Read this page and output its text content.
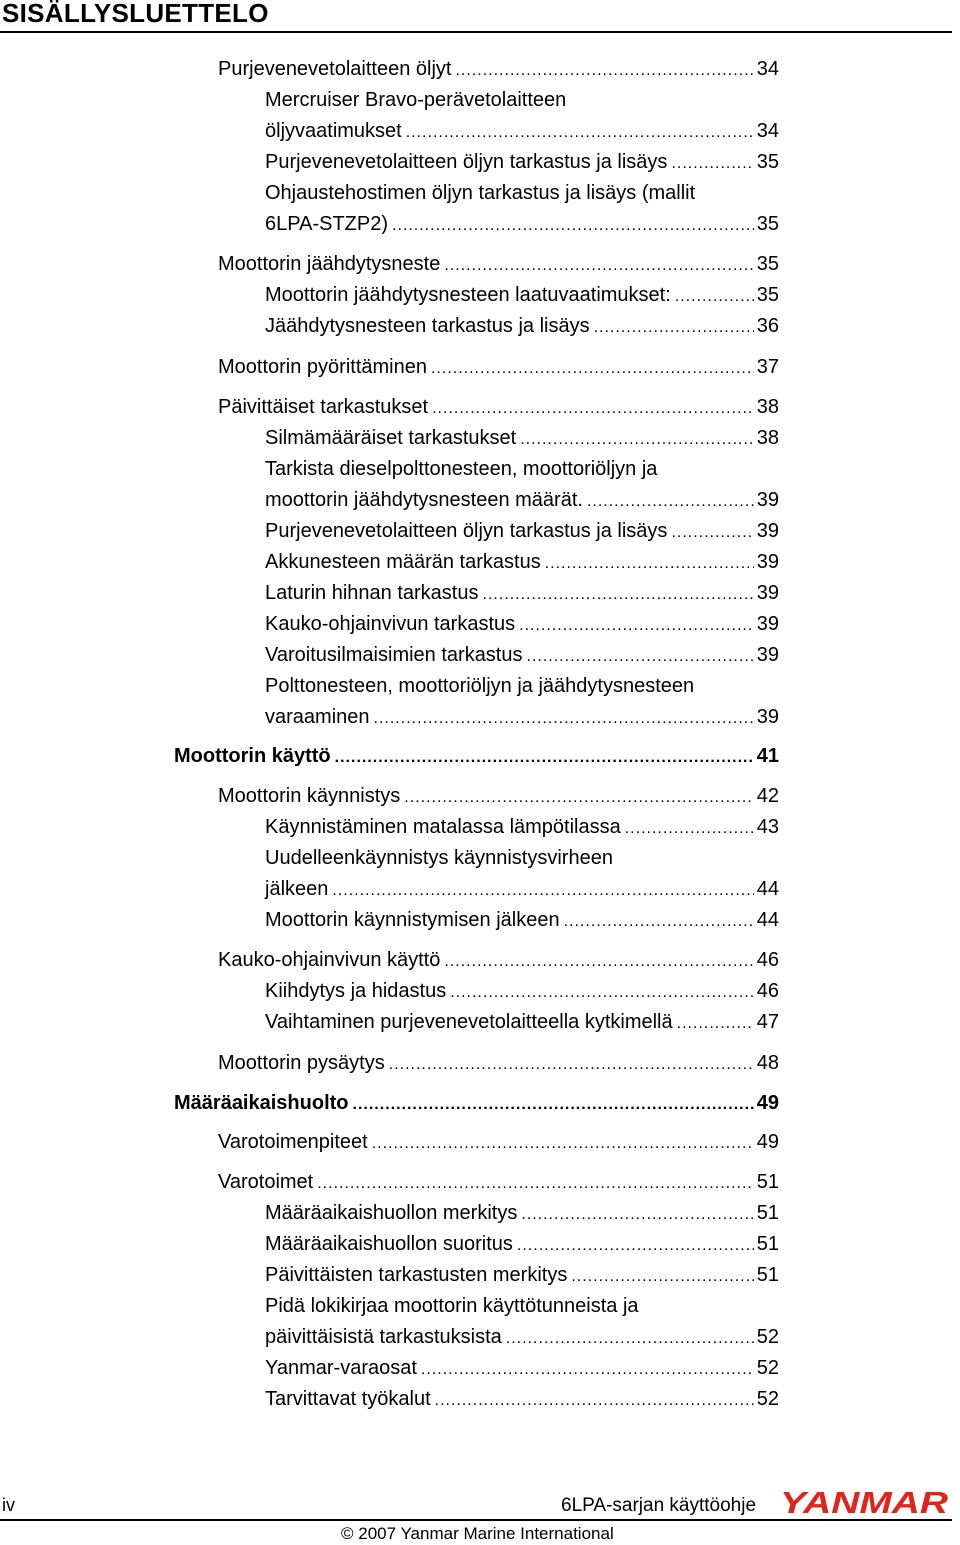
SISÄLLYSLUETTELO
Purjevenevetolaitteen öljyt .....	34
Mercruiser Bravo-perävetolaitteen
öljyvaatimukset .....	34
Purjevenevetolaitteen öljyn tarkastus ja lisäys .....	35
Ohjaustehostimen öljyn tarkastus ja lisäys (mallit
6LPA-STZP2) .....	35
Moottorin jäähdytysneste .....	35
Moottorin jäähdytysnesteen laatuvaatimukset: .....	35
Jäähdytysnesteen tarkastus ja lisäys .....	36
Moottorin pyörittäminen .....	37
Päivittäiset tarkastukset .....	38
Silmämääräiset tarkastukset .....	38
Tarkista dieselpolttonesteen, moottoriöljyn ja
moottorin jäähdytysnesteen määrät. .....	39
Purjevenevetolaitteen öljyn tarkastus ja lisäys .....	39
Akkunesteen määrän tarkastus .....	39
Laturin hihnan tarkastus .....	39
Kauko-ohjainvivun tarkastus .....	39
Varoitusilmaisimien tarkastus .....	39
Polttonesteen, moottoriöljyn ja jäähdytysnesteen
varaaminen .....	39
Moottorin käyttö .....	41
Moottorin käynnistys .....	42
Käynnistäminen matalassa lämpötilassa .....	43
Uudelleenkäynnistys käynnistysvirheen
jälkeen .....	44
Moottorin käynnistymisen jälkeen .....	44
Kauko-ohjainvivun käyttö .....	46
Kiihdytys ja hidastus .....	46
Vaihtaminen purjevenevetolaitteella kytkimellä .....	47
Moottorin pysäytys .....	48
Määräaikaishuolto .....	49
Varotoimenpiteet .....	49
Varotoimet .....	51
Määräaikaishuollon merkitys .....	51
Määräaikaishuollon suoritus .....	51
Päivittäisten tarkastusten merkitys .....	51
Pidä lokikirjaa moottorin käyttötunneista ja
päivittäisistä tarkastuksista .....	52
Yanmar-varaosat .....	52
Tarvittavat työkalut .....	52
iv	6LPA-sarjan käyttöohje YANMAR
© 2007 Yanmar Marine International
